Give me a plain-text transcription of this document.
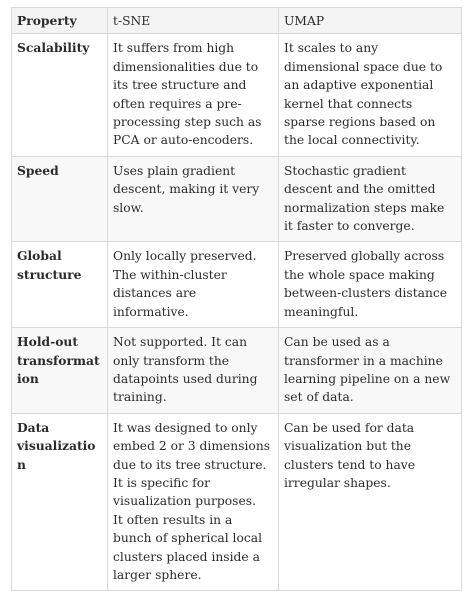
Property	t-SNE	UMAP

Scalability	It suffers from high dimensionalities due to its tree structure and often requires a pre-processing step such as PCA or auto-encoders.	It scales to any dimensional space due to an adaptive exponential kernel that connects sparse regions based on the local connectivity.

Speed	Uses plain gradient descent, making it very slow.	Stochastic gradient descent and the omitted normalization steps make it faster to converge.

Global
structure	Only locally preserved. The within-cluster distances are informative.	Preserved globally across the whole space making between-clusters distance meaningful.

Hold-out
transformation	Not supported. It can only transform the datapoints used during training.	Can be used as a transformer in a machine learning pipeline on a new set of data.

Data
visualization	It was designed to only embed 2 or 3 dimensions due to its tree structure. It is specific for visualization purposes.
It often results in a bunch of spherical local clusters placed inside a larger sphere.	Can be used for data visualization but the clusters tend to have irregular shapes.
